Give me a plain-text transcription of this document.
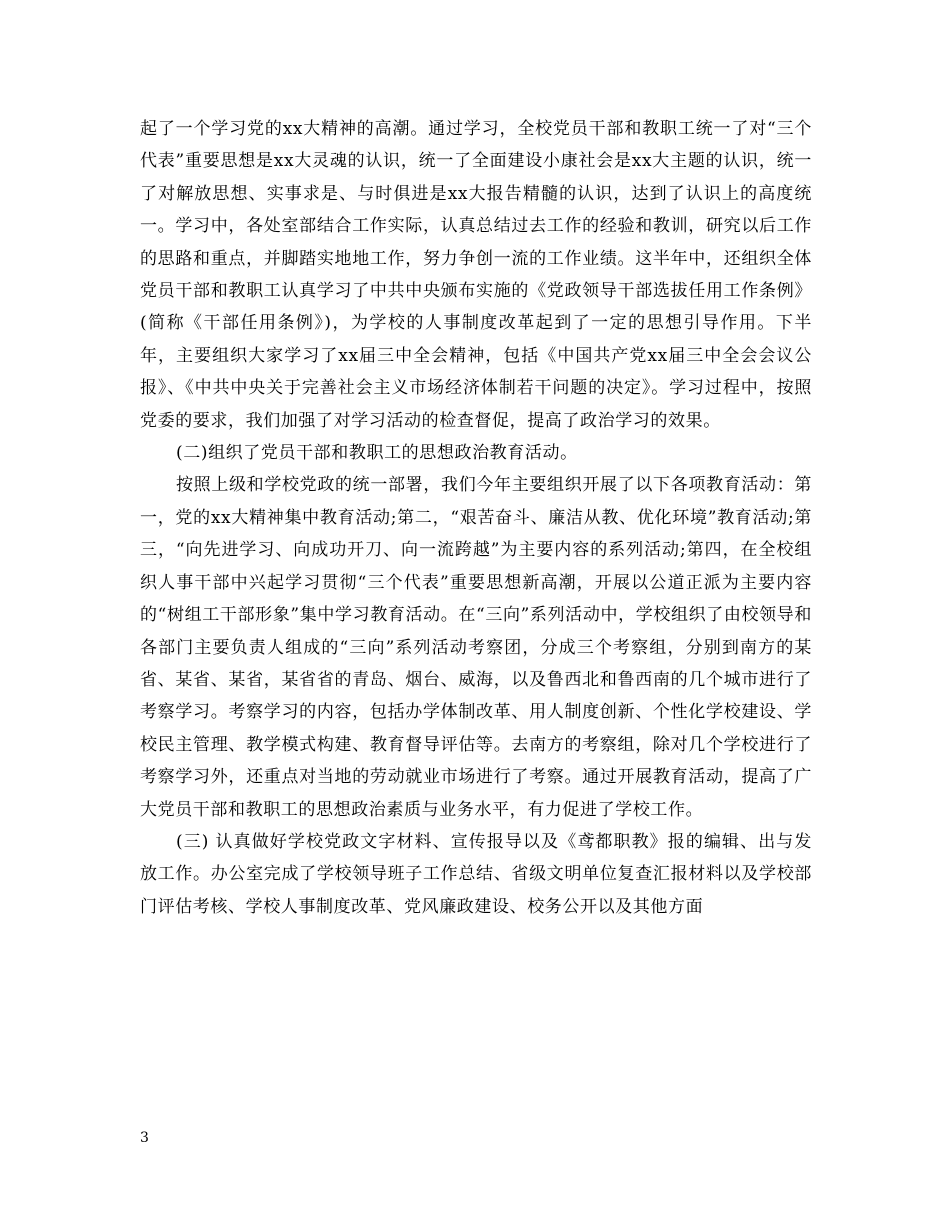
起了一个学习党的xx大精神的高潮。通过学习，全校党员干部和教职工统一了对“三个代表”重要思想是xx大灵魂的认识，统一了全面建设小康社会是xx大主题的认识，统一了对解放思想、实事求是、与时俱进是xx大报告精髓的认识，达到了认识上的高度统一。学习中，各处室部结合工作实际，认真总结过去工作的经验和教训，研究以后工作的思路和重点，并脚踏实地地工作，努力争创一流的工作业绩。这半年中，还组织全体党员干部和教职工认真学习了中共中央颁布实施的《党政领导干部选拔任用工作条例》(简称《干部任用条例》)，为学校的人事制度改革起到了一定的思想引导作用。下半年，主要组织大家学习了xx届三中全会精神，包括《中国共产党xx届三中全会会议公报》、《中共中央关于完善社会主义市场经济体制若干问题的决定》。学习过程中，按照党委的要求，我们加强了对学习活动的检查督促，提高了政治学习的效果。

(二)组织了党员干部和教职工的思想政治教育活动。

按照上级和学校党政的统一部署，我们今年主要组织开展了以下各项教育活动：第一，党的xx大精神集中教育活动;第二，“艰苦奋斗、廉洁从教、优化环境”教育活动;第三，“向先进学习、向成功开刀、向一流跨越”为主要内容的系列活动;第四，在全校组织人事干部中兴起学习贯彻“三个代表”重要思想新高潮，开展以公道正派为主要内容的“树组工干部形象”集中学习教育活动。在“三向”系列活动中，学校组织了由校领导和各部门主要负责人组成的“三向”系列活动考察团，分成三个考察组，分别到南方的某省、某省、某省，某省省的青岛、烟台、威海，以及鲁西北和鲁西南的几个城市进行了考察学习。考察学习的内容，包括办学体制改革、用人制度创新、个性化学校建设、学校民主管理、教学模式构建、教育督导评估等。去南方的考察组，除对几个学校进行了考察学习外，还重点对当地的劳动就业市场进行了考察。通过开展教育活动，提高了广大党员干部和教职工的思想政治素质与业务水平，有力促进了学校工作。

(三) 认真做好学校党政文字材料、宣传报导以及《鸢都职教》报的编辑、出与发放工作。办公室完成了学校领导班子工作总结、省级文明单位复查汇报材料以及学校部门评估考核、学校人事制度改革、党风廉政建设、校务公开以及其他方面

3
